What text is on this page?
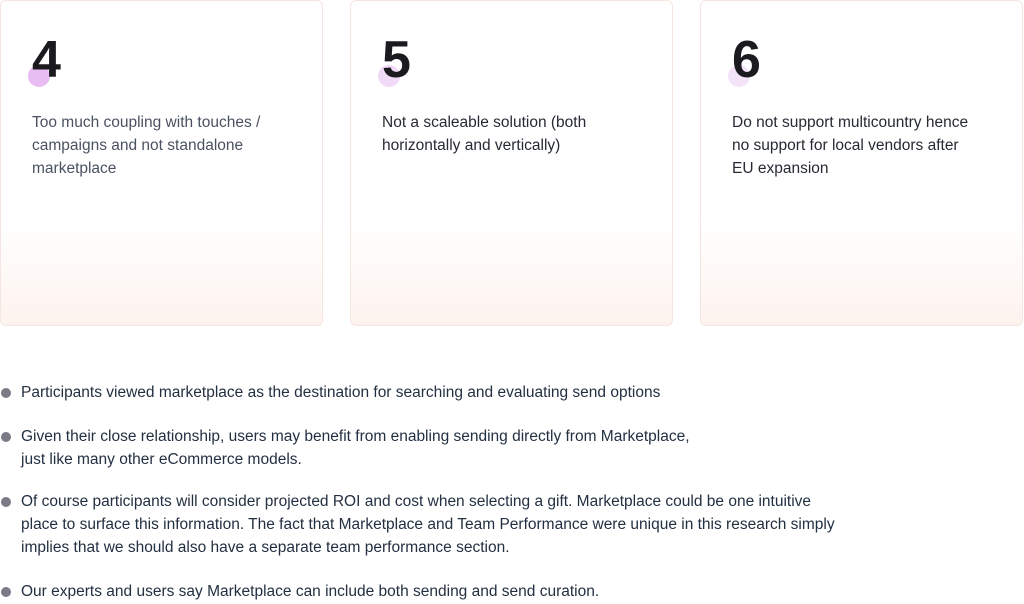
4
Too much coupling with touches / campaigns and not standalone marketplace
5
Not a scaleable solution (both horizontally and vertically)
6
Do not support multicountry hence no support for local vendors after EU expansion
Participants viewed marketplace as the destination for searching and evaluating send options
Given their close relationship, users may benefit from enabling sending directly from Marketplace,
just like many other eCommerce models.
Of course participants will consider projected ROI and cost when selecting a gift. Marketplace could be one intuitive
place to surface this information. The fact that Marketplace and Team Performance were unique in this research simply
implies that we should also have a separate team performance section.
Our experts and users say Marketplace can include both sending and send curation.
